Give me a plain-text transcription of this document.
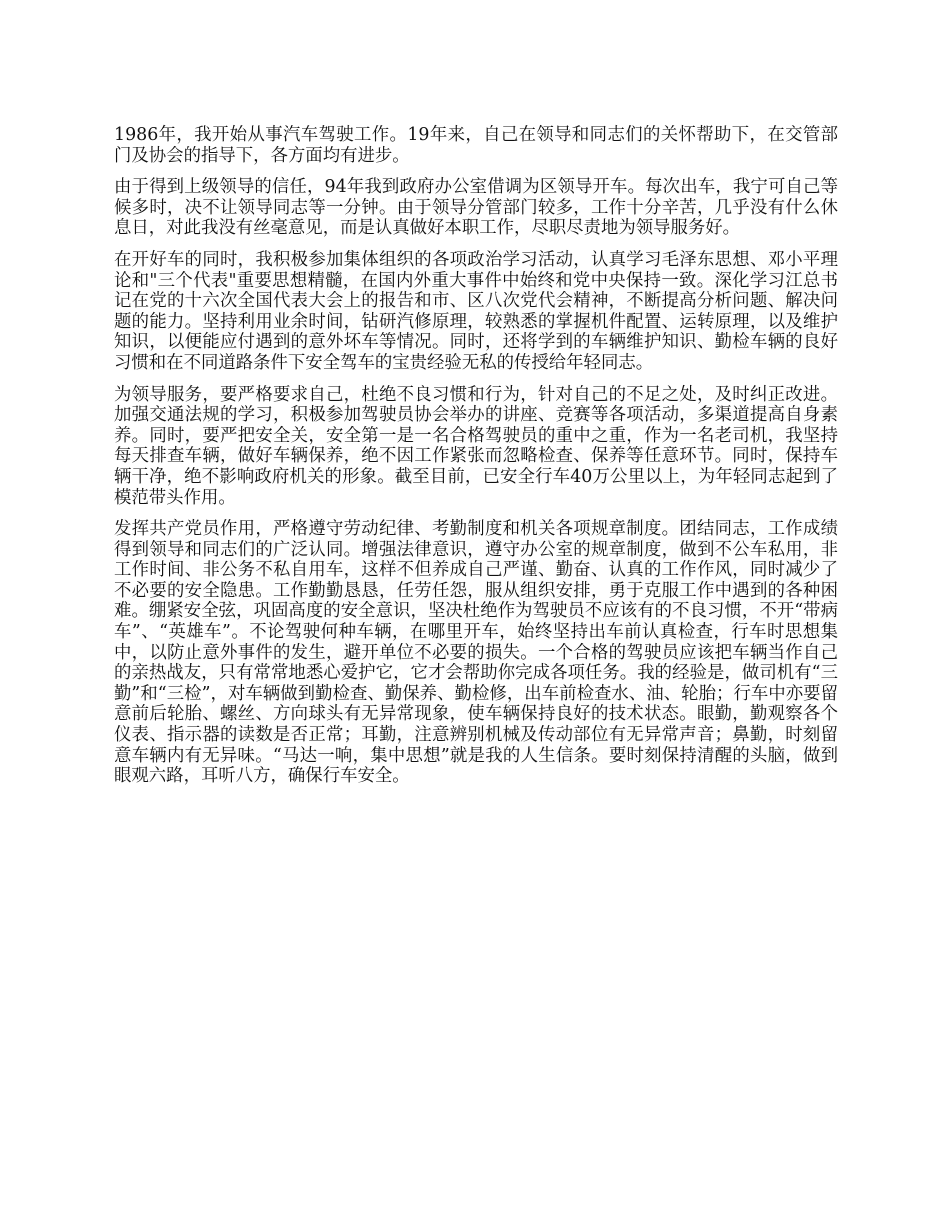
1986年，我开始从事汽车驾驶工作。19年来，自己在领导和同志们的关怀帮助下，在交管部门及协会的指导下，各方面均有进步。

由于得到上级领导的信任，94年我到政府办公室借调为区领导开车。每次出车，我宁可自己等候多时，决不让领导同志等一分钟。由于领导分管部门较多，工作十分辛苦，几乎没有什么休息日，对此我没有丝毫意见，而是认真做好本职工作，尽职尽责地为领导服务好。

在开好车的同时，我积极参加集体组织的各项政治学习活动，认真学习毛泽东思想、邓小平理论和"三个代表"重要思想精髓，在国内外重大事件中始终和党中央保持一致。深化学习江总书记在党的十六次全国代表大会上的报告和市、区八次党代会精神，不断提高分析问题、解决问题的能力。坚持利用业余时间，钻研汽修原理，较熟悉的掌握机件配置、运转原理，以及维护知识，以便能应付遇到的意外坏车等情况。同时，还将学到的车辆维护知识、勤检车辆的良好习惯和在不同道路条件下安全驾车的宝贵经验无私的传授给年轻同志。

为领导服务，要严格要求自己，杜绝不良习惯和行为，针对自己的不足之处，及时纠正改进。加强交通法规的学习，积极参加驾驶员协会举办的讲座、竞赛等各项活动，多渠道提高自身素养。同时，要严把安全关，安全第一是一名合格驾驶员的重中之重，作为一名老司机，我坚持每天排查车辆，做好车辆保养，绝不因工作紧张而忽略检查、保养等任意环节。同时，保持车辆干净，绝不影响政府机关的形象。截至目前，已安全行车40万公里以上，为年轻同志起到了模范带头作用。

发挥共产党员作用，严格遵守劳动纪律、考勤制度和机关各项规章制度。团结同志，工作成绩得到领导和同志们的广泛认同。增强法律意识，遵守办公室的规章制度，做到不公车私用，非工作时间、非公务不私自用车，这样不但养成自己严谨、勤奋、认真的工作作风，同时减少了不必要的安全隐患。工作勤勤恳恳，任劳任怨，服从组织安排，勇于克服工作中遇到的各种困难。绷紧安全弦，巩固高度的安全意识，坚决杜绝作为驾驶员不应该有的不良习惯，不开“带病车”、“英雄车”。不论驾驶何种车辆，在哪里开车，始终坚持出车前认真检查，行车时思想集中，以防止意外事件的发生，避开单位不必要的损失。一个合格的驾驶员应该把车辆当作自己的亲热战友，只有常常地悉心爱护它，它才会帮助你完成各项任务。我的经验是，做司机有“三勤”和“三检”，对车辆做到勤检查、勤保养、勤检修，出车前检查水、油、轮胎；行车中亦要留意前后轮胎、螺丝、方向球头有无异常现象，使车辆保持良好的技术状态。眼勤，勤观察各个仪表、指示器的读数是否正常；耳勤，注意辨别机械及传动部位有无异常声音；鼻勤，时刻留意车辆内有无异味。“马达一响，集中思想”就是我的人生信条。要时刻保持清醒的头脑，做到眼观六路，耳听八方，确保行车安全。
